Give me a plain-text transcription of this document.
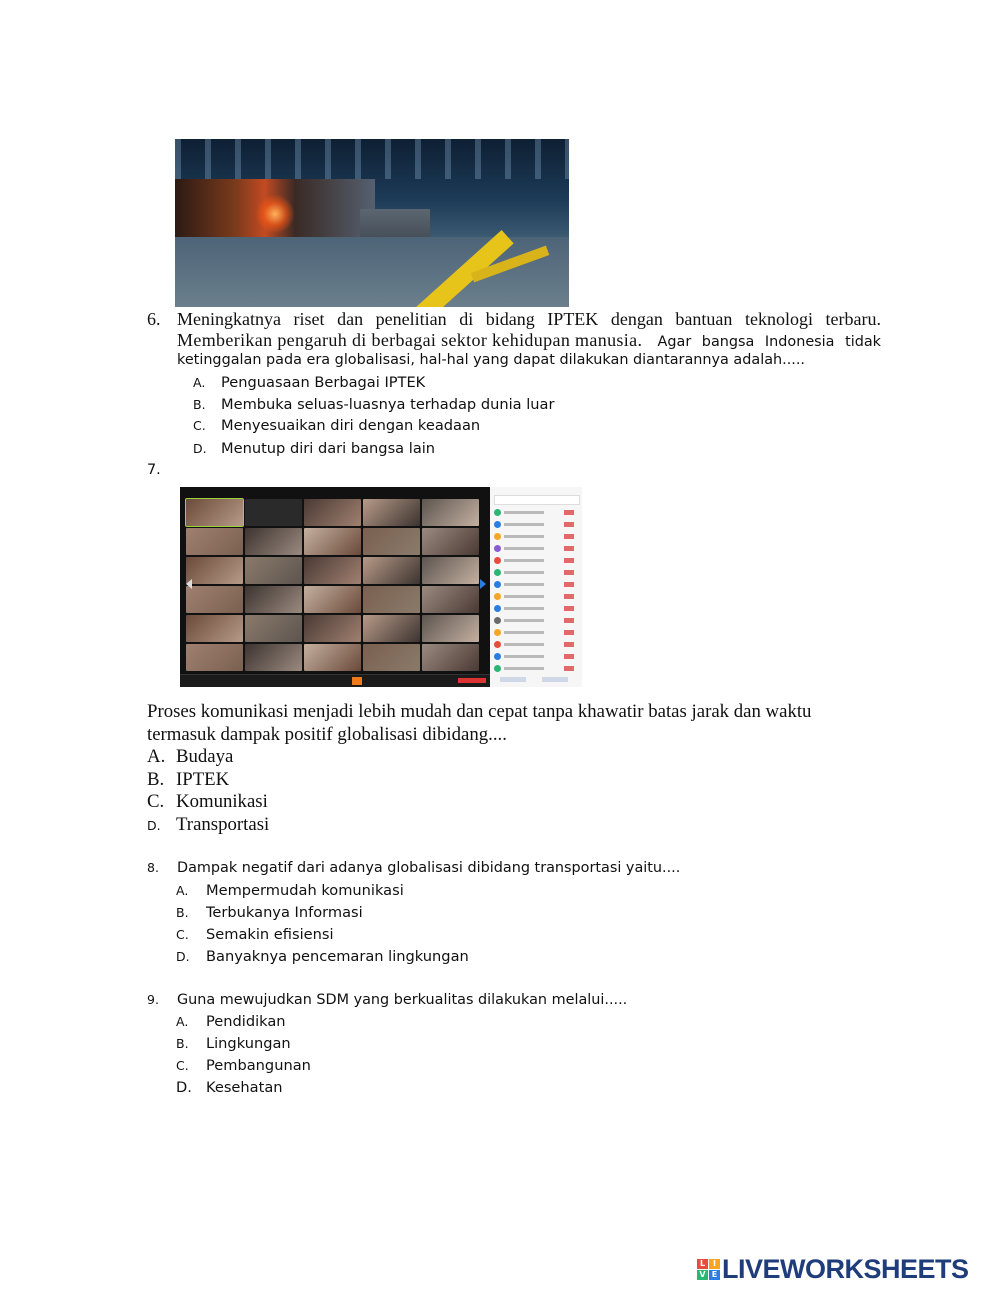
6. Meningkatnya riset dan penelitian di bidang IPTEK dengan bantuan teknologi terbaru.
Memberikan pengaruh di berbagai sektor kehidupan manusia. Agar bangsa Indonesia tidak
ketinggalan pada era globalisasi, hal-hal yang dapat dilakukan diantarannya adalah.....
A. Penguasaan Berbagai IPTEK
B. Membuka seluas-luasnya terhadap dunia luar
C. Menyesuaikan diri dengan keadaan
D. Menutup diri dari bangsa lain
7.
Proses komunikasi menjadi lebih mudah dan cepat tanpa khawatir batas jarak dan waktu
termasuk dampak positif globalisasi dibidang....
A. Budaya
B. IPTEK
C. Komunikasi
D. Transportasi
8. Dampak negatif dari adanya globalisasi dibidang transportasi yaitu....
A. Mempermudah komunikasi
B. Terbukanya Informasi
C. Semakin efisiensi
D. Banyaknya pencemaran lingkungan
9. Guna mewujudkan SDM yang berkualitas dilakukan melalui.....
A. Pendidikan
B. Lingkungan
C. Pembangunan
D. Kesehatan
L I
V E LIVEWORKSHEETS
